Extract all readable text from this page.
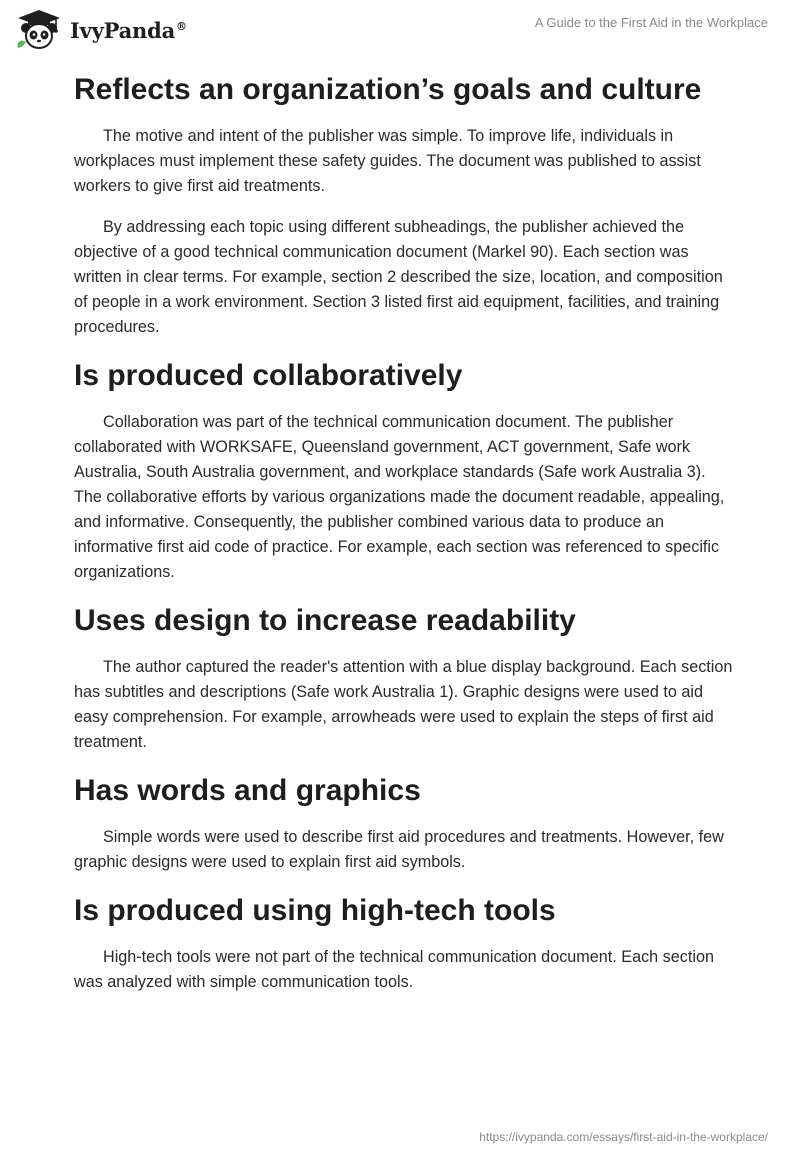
IvyPanda®	A Guide to the First Aid in the Workplace
Reflects an organization’s goals and culture

The motive and intent of the publisher was simple. To improve life, individuals in workplaces must implement these safety guides. The document was published to assist workers to give first aid treatments.

By addressing each topic using different subheadings, the publisher achieved the objective of a good technical communication document (Markel 90). Each section was written in clear terms. For example, section 2 described the size, location, and composition of people in a work environment. Section 3 listed first aid equipment, facilities, and training procedures.

Is produced collaboratively

Collaboration was part of the technical communication document. The publisher collaborated with WORKSAFE, Queensland government, ACT government, Safe work Australia, South Australia government, and workplace standards (Safe work Australia 3). The collaborative efforts by various organizations made the document readable, appealing, and informative. Consequently, the publisher combined various data to produce an informative first aid code of practice. For example, each section was referenced to specific organizations.

Uses design to increase readability

The author captured the reader's attention with a blue display background. Each section has subtitles and descriptions (Safe work Australia 1). Graphic designs were used to aid easy comprehension. For example, arrowheads were used to explain the steps of first aid treatment.

Has words and graphics

Simple words were used to describe first aid procedures and treatments. However, few graphic designs were used to explain first aid symbols.

Is produced using high-tech tools

High-tech tools were not part of the technical communication document. Each section was analyzed with simple communication tools.

https://ivypanda.com/essays/first-aid-in-the-workplace/
